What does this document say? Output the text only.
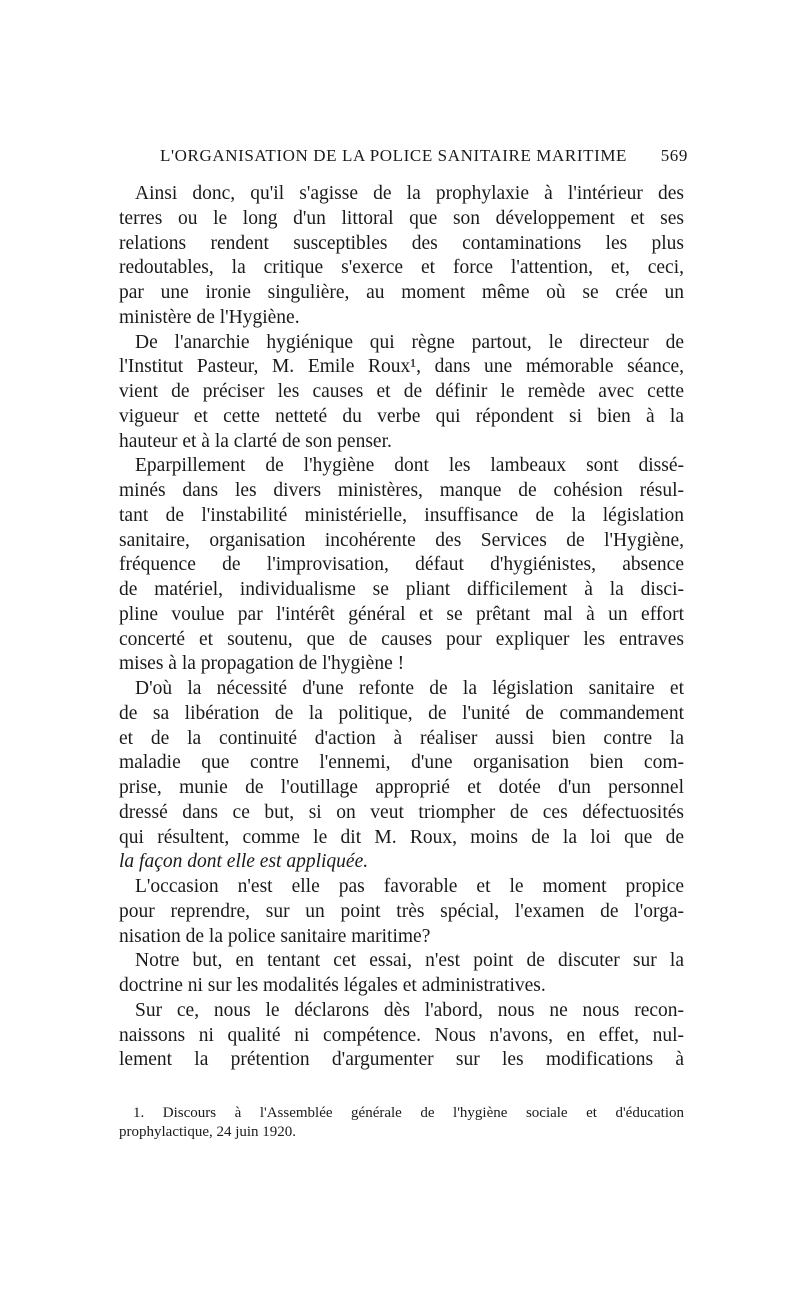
L'ORGANISATION DE LA POLICE SANITAIRE MARITIME 569

Ainsi donc, qu'il s'agisse de la prophylaxie à l'intérieur des
terres ou le long d'un littoral que son développement et ses
relations rendent susceptibles des contaminations les plus
redoutables, la critique s'exerce et force l'attention, et, ceci,
par une ironie singulière, au moment même où se crée un
ministère de l'Hygiène.

De l'anarchie hygiénique qui règne partout, le directeur de
l'Institut Pasteur, M. Emile Roux¹, dans une mémorable séance,
vient de préciser les causes et de définir le remède avec cette
vigueur et cette netteté du verbe qui répondent si bien à la
hauteur et à la clarté de son penser.

Eparpillement de l'hygiène dont les lambeaux sont dissé-
minés dans les divers ministères, manque de cohésion résul-
tant de l'instabilité ministérielle, insuffisance de la législation
sanitaire, organisation incohérente des Services de l'Hygiène,
fréquence de l'improvisation, défaut d'hygiénistes, absence
de matériel, individualisme se pliant difficilement à la disci-
pline voulue par l'intérêt général et se prêtant mal à un effort
concerté et soutenu, que de causes pour expliquer les entraves
mises à la propagation de l'hygiène !

D'où la nécessité d'une refonte de la législation sanitaire et
de sa libération de la politique, de l'unité de commandement
et de la continuité d'action à réaliser aussi bien contre la
maladie que contre l'ennemi, d'une organisation bien com-
prise, munie de l'outillage approprié et dotée d'un personnel
dressé dans ce but, si on veut triompher de ces défectuosités
qui résultent, comme le dit M. Roux, moins de la loi que de
la façon dont elle est appliquée.

L'occasion n'est elle pas favorable et le moment propice
pour reprendre, sur un point très spécial, l'examen de l'orga-
nisation de la police sanitaire maritime?

Notre but, en tentant cet essai, n'est point de discuter sur la
doctrine ni sur les modalités légales et administratives.

Sur ce, nous le déclarons dès l'abord, nous ne nous recon-
naissons ni qualité ni compétence. Nous n'avons, en effet, nul-
lement la prétention d'argumenter sur les modifications à

1. Discours à l'Assemblée générale de l'hygiène sociale et d'éducation
prophylactique, 24 juin 1920.
